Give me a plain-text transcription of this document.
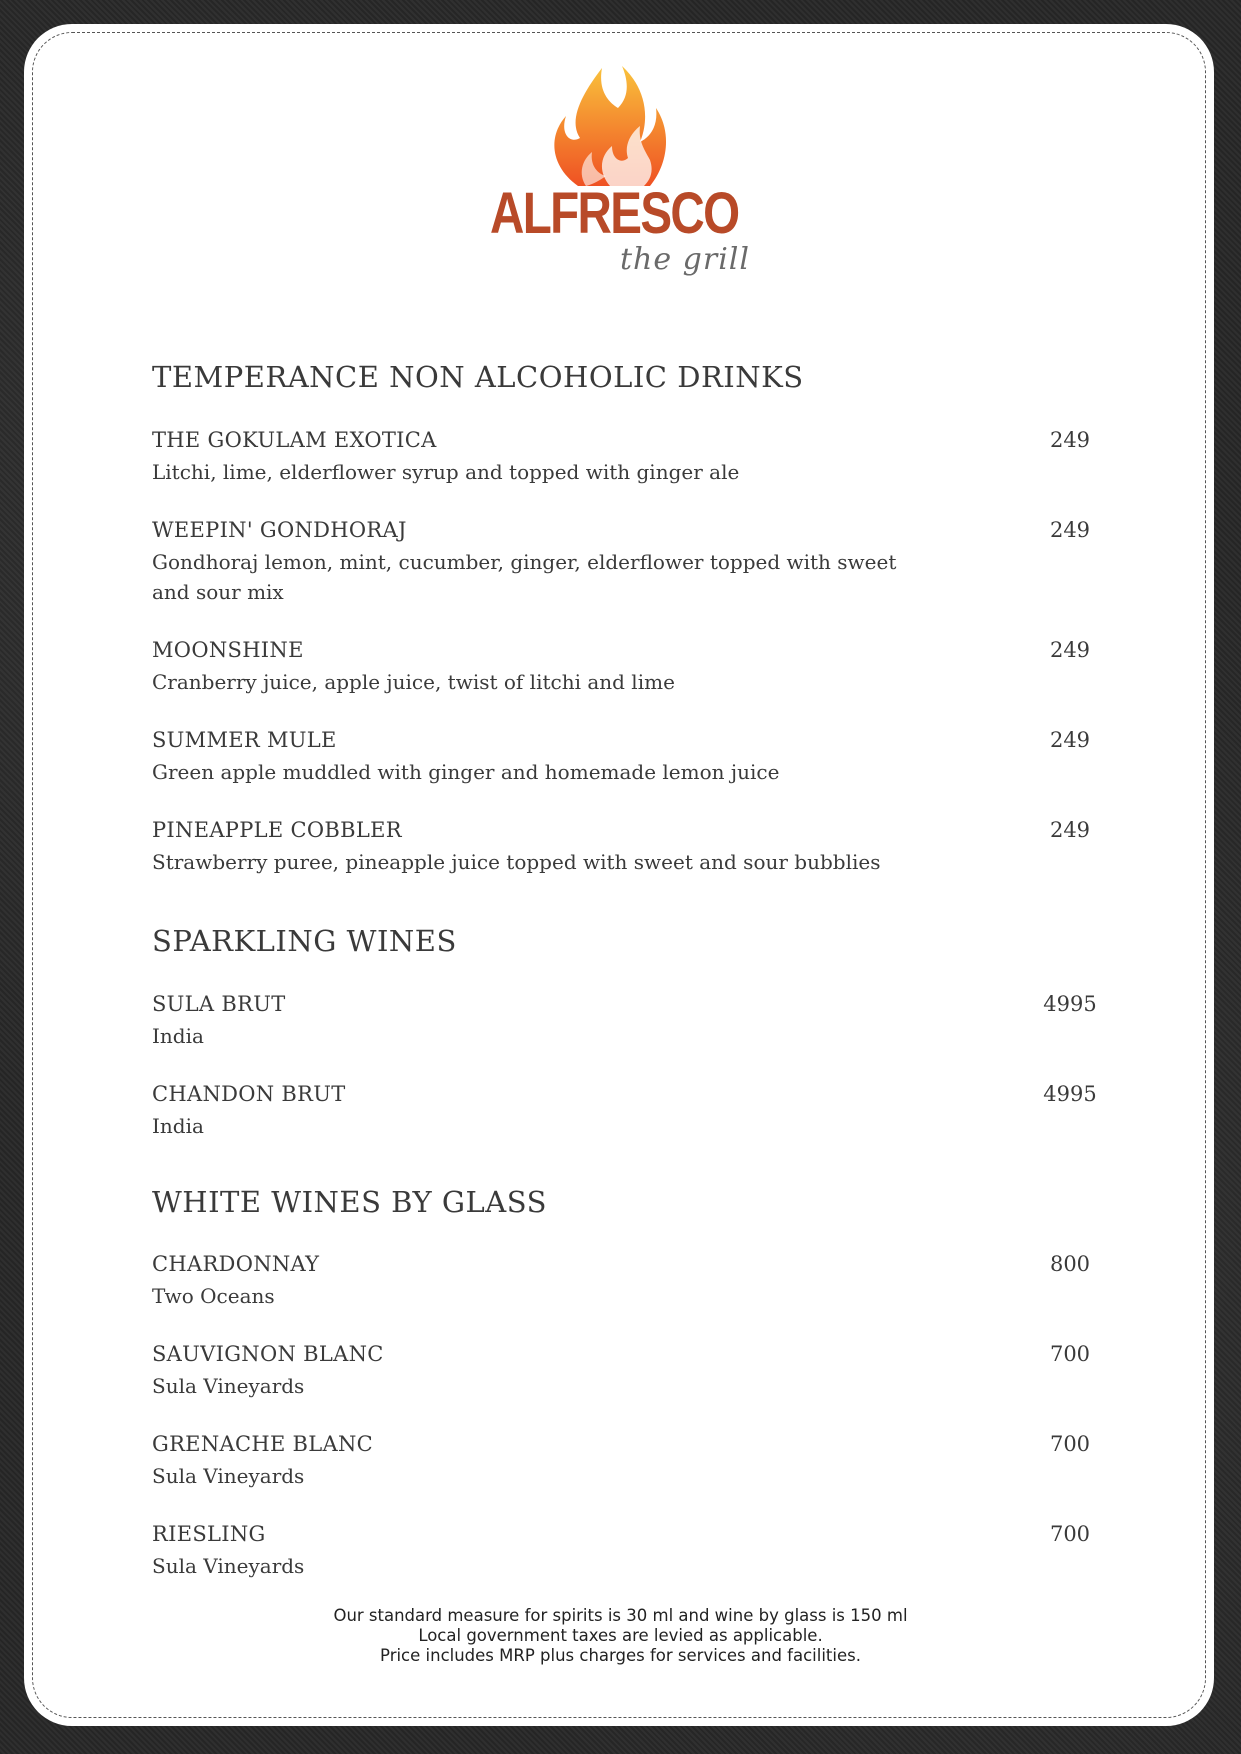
ALFRESCO
the grill
TEMPERANCE NON ALCOHOLIC DRINKS
THE GOKULAM EXOTICA	249
Litchi, lime, elderflower syrup and topped with ginger ale
WEEPIN' GONDHORAJ	249
Gondhoraj lemon, mint, cucumber, ginger, elderflower topped with sweet and sour mix
MOONSHINE	249
Cranberry juice, apple juice, twist of litchi and lime
SUMMER MULE	249
Green apple muddled with ginger and homemade lemon juice
PINEAPPLE COBBLER	249
Strawberry puree, pineapple juice topped with sweet and sour bubblies
SPARKLING WINES
SULA BRUT	4995
India
CHANDON BRUT	4995
India
WHITE WINES BY GLASS
CHARDONNAY	800
Two Oceans
SAUVIGNON BLANC	700
Sula Vineyards
GRENACHE BLANC	700
Sula Vineyards
RIESLING	700
Sula Vineyards
Our standard measure for spirits is 30 ml and wine by glass is 150 ml
Local government taxes are levied as applicable.
Price includes MRP plus charges for services and facilities.
